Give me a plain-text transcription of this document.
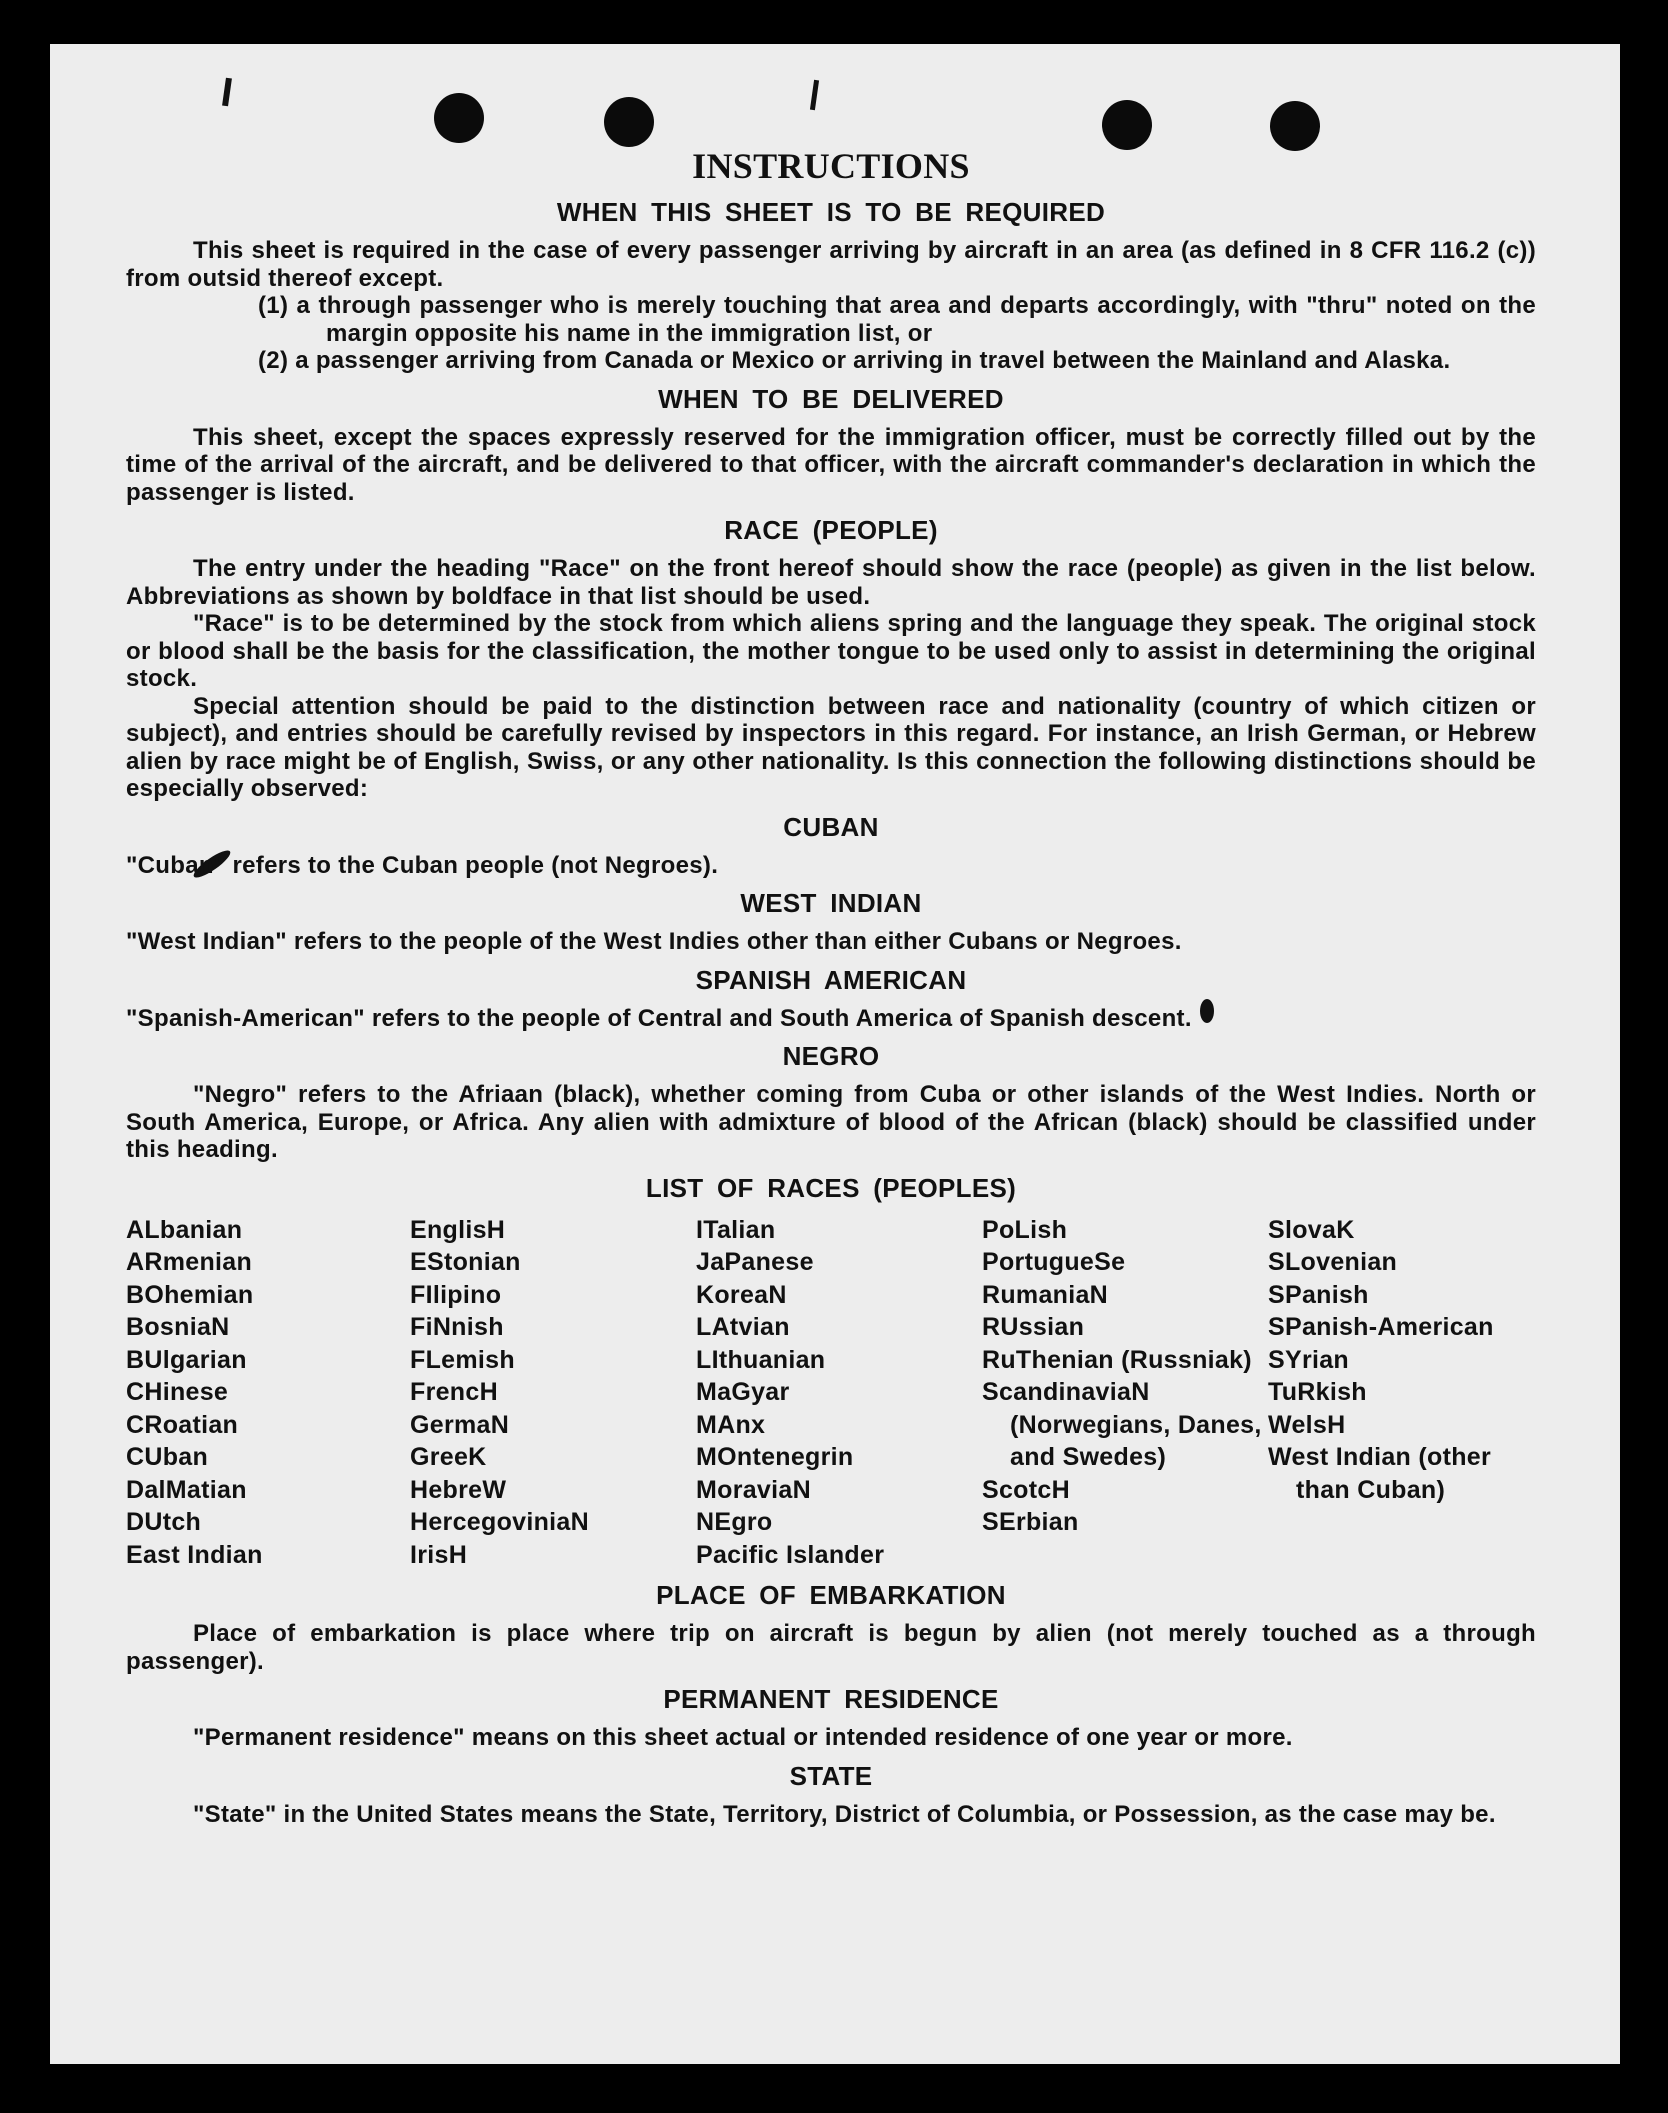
INSTRUCTIONS
WHEN THIS SHEET IS TO BE REQUIRED

This sheet is required in the case of every passenger arriving by aircraft in an area (as defined in 8 CFR 116.2 (c)) from outsid thereof except.

(1) a through passenger who is merely touching that area and departs accordingly, with "thru" noted on the margin opposite his name in the immigration list, or

(2) a passenger arriving from Canada or Mexico or arriving in travel between the Mainland and Alaska.

WHEN TO BE DELIVERED

This sheet, except the spaces expressly reserved for the immigration officer, must be correctly filled out by the time of the arrival of the aircraft, and be delivered to that officer, with the aircraft commander's declaration in which the passenger is listed.

RACE (PEOPLE)

The entry under the heading "Race" on the front hereof should show the race (people) as given in the list below. Abbreviations as shown by boldface in that list should be used.

"Race" is to be determined by the stock from which aliens spring and the language they speak. The original stock or blood shall be the basis for the classification, the mother tongue to be used only to assist in determining the original stock.

Special attention should be paid to the distinction between race and nationality (country of which citizen or subject), and entries should be carefully revised by inspectors in this regard. For instance, an Irish German, or Hebrew alien by race might be of English, Swiss, or any other nationality. Is this connection the following distinctions should be especially observed:

CUBAN

"Cuban" refers to the Cuban people (not Negroes).

WEST INDIAN

"West Indian" refers to the people of the West Indies other than either Cubans or Negroes.

SPANISH AMERICAN

"Spanish-American" refers to the people of Central and South America of Spanish descent.

NEGRO

"Negro" refers to the Afriaan (black), whether coming from Cuba or other islands of the West Indies. North or South America, Europe, or Africa. Any alien with admixture of blood of the African (black) should be classified under this heading.

LIST OF RACES (PEOPLES)
ALbanian
ARmenian
BOhemian
BosniaN
BUlgarian
CHinese
CRoatian
CUban
DalMatian
DUtch
East Indian
EnglisH
EStonian
FIlipino
FiNnish
FLemish
FrencH
GermaN
GreeK
HebreW
HercegoviniaN
IrisH
ITalian
JaPanese
KoreaN
LAtvian
LIthuanian
MaGyar
MAnx
MOntenegrin
MoraviaN
NEgro
Pacific Islander
PoLish
PortugueSe
RumaniaN
RUssian
RuThenian (Russniak)
ScandinaviaN (Norwegians, Danes, and Swedes)
ScotcH
SErbian
SlovaK
SLovenian
SPanish
SPanish-American
SYrian
TuRkish
WelsH
West Indian (other than Cuban)
PLACE OF EMBARKATION

Place of embarkation is place where trip on aircraft is begun by alien (not merely touched as a through passenger).

PERMANENT RESIDENCE

"Permanent residence" means on this sheet actual or intended residence of one year or more.

STATE

"State" in the United States means the State, Territory, District of Columbia, or Possession, as the case may be.
